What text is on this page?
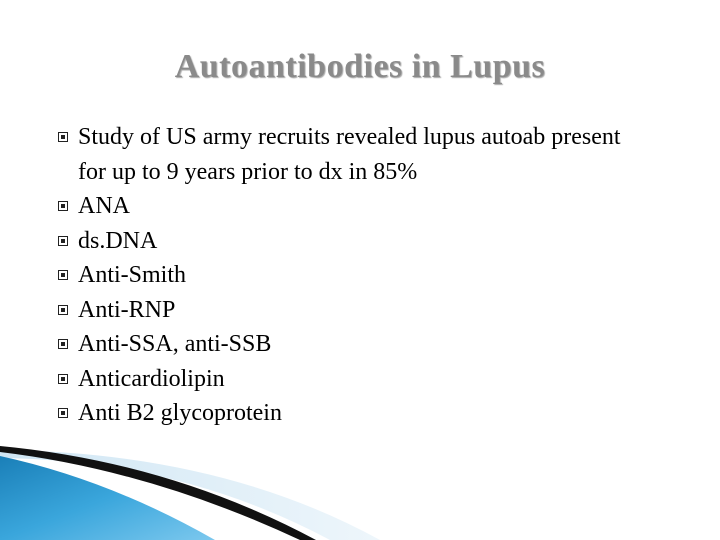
Autoantibodies in Lupus
Study of US army recruits revealed lupus autoab present for up to 9 years prior to dx in 85%
ANA
ds.DNA
Anti-Smith
Anti-RNP
Anti-SSA, anti-SSB
Anticardiolipin
Anti B2 glycoprotein
